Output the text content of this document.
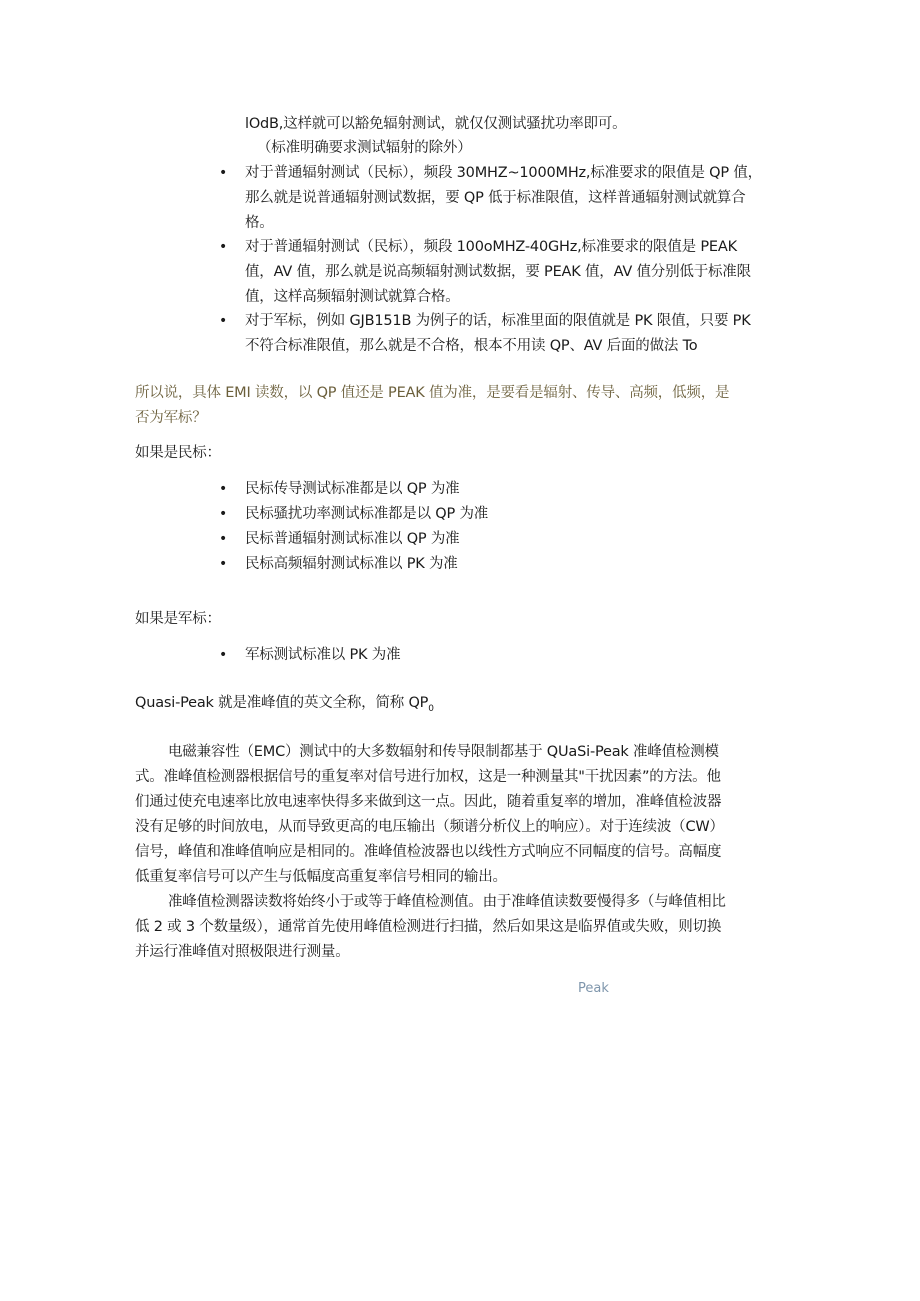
lOdB,这样就可以豁免辐射测试，就仅仅测试骚扰功率即可。
（标准明确要求测试辐射的除外）
• 对于普通辐射测试（民标），频段 30MHZ~1000MHz,标准要求的限值是 QP 值，
那么就是说普通辐射测试数据，要 QP 低于标准限值，这样普通辐射测试就算合
格。
• 对于普通辐射测试（民标），频段 100oMHZ-40GHz,标准要求的限值是 PEAK
值，AV 值，那么就是说高频辐射测试数据，要 PEAK 值，AV 值分别低于标准限
值，这样高频辐射测试就算合格。
• 对于军标，例如 GJB151B 为例子的话，标准里面的限值就是 PK 限值，只要 PK
不符合标准限值，那么就是不合格，根本不用读 QP、AV 后面的做法 To
所以说，具体 EMI 读数，以 QP 值还是 PEAK 值为准，是要看是辐射、传导、高频，低频，是
否为军标？
如果是民标：
• 民标传导测试标准都是以 QP 为准
• 民标骚扰功率测试标准都是以 QP 为准
• 民标普通辐射测试标准以 QP 为准
• 民标高频辐射测试标准以 PK 为准
如果是军标：
• 军标测试标准以 PK 为准
Quasi-Peak 就是准峰值的英文全称，简称 $QP_0$
电磁兼容性（EMC）测试中的大多数辐射和传导限制都基于 QUaSi-Peak 准峰值检测模
式。准峰值检测器根据信号的重复率对信号进行加权，这是一种测量其"干扰因素”的方法。他
们通过使充电速率比放电速率快得多来做到这一点。因此，随着重复率的增加，准峰值检波器
没有足够的时间放电，从而导致更高的电压输出（频谱分析仪上的响应）。对于连续波（CW）
信号，峰值和准峰值响应是相同的。准峰值检波器也以线性方式响应不同幅度的信号。高幅度
低重复率信号可以产生与低幅度高重复率信号相同的输出。
准峰值检测器读数将始终小于或等于峰值检测值。由于准峰值读数要慢得多（与峰值相比
低 2 或 3 个数量级），通常首先使用峰值检测进行扫描，然后如果这是临界值或失败，则切换
并运行准峰值对照极限进行测量。
Peak
